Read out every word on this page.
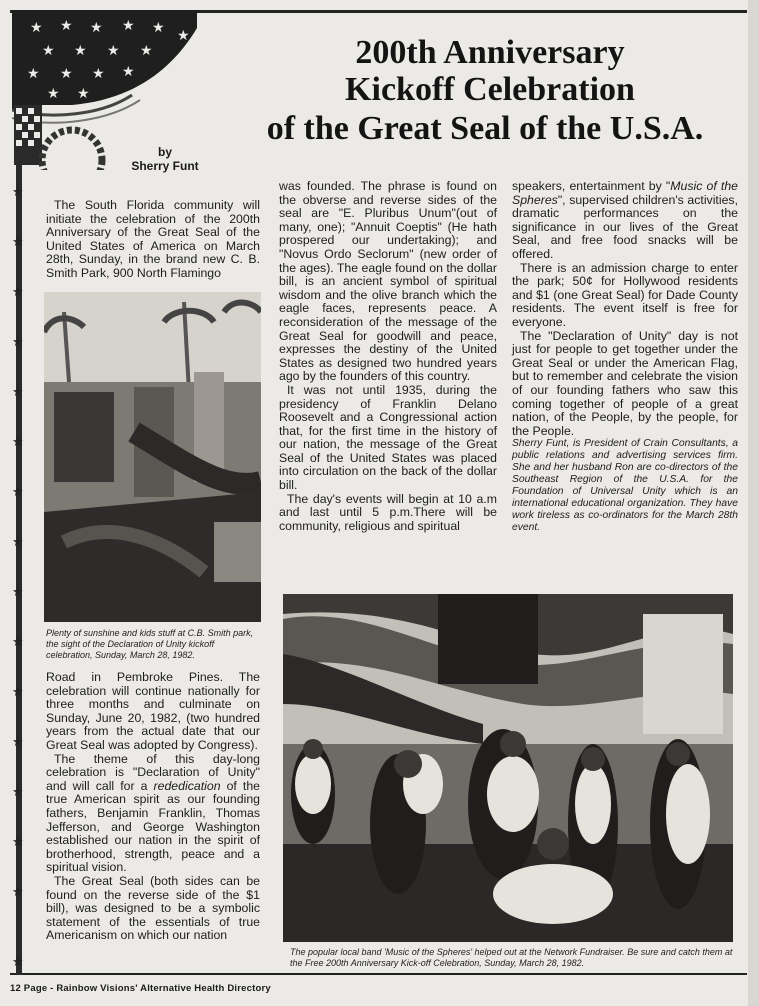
★
★
★
★
★
★
★
★
★
★
★
★
★
★
★
★
★ ★ ★ ★ ★ ★
★ ★ ★ ★
★ ★ ★ ★
★ ★
200th Anniversary
Kickoff Celebration
of the Great Seal of the U.S.A.
by
Sherry Funt

The South Florida community will initiate the celebration of the 200th Anniversary of the Great Seal of the United States of America on March 28th, Sunday, in the brand new C. B. Smith Park, 900 North Flamingo

Plenty of sunshine and kids stuff at C.B. Smith park, the sight of the Declaration of Unity kickoff celebration, Sunday, March 28, 1982.

Road in Pembroke Pines. The celebration will continue nationally for three months and culminate on Sunday, June 20, 1982, (two hundred years from the actual date that our Great Seal was adopted by Congress).

The theme of this day-long celebration is "Declaration of Unity" and will call for a rededication of the true American spirit as our founding fathers, Benjamin Franklin, Thomas Jefferson, and George Washington established our nation in the spirit of brotherhood, strength, peace and a spiritual vision.

The Great Seal (both sides can be found on the reverse side of the $1 bill), was designed to be a symbolic statement of the essentials of true Americanism on which our nation

was founded. The phrase is found on the obverse and reverse sides of the seal are "E. Pluribus Unum"(out of many, one); "Annuit Coeptis" (He hath prospered our undertaking); and "Novus Ordo Seclorum" (new order of the ages). The eagle found on the dollar bill, is an ancient symbol of spiritual wisdom and the olive branch which the eagle faces, represents peace. A reconsideration of the message of the Great Seal for goodwill and peace, expresses the destiny of the United States as designed two hundred years ago by the founders of this country.

It was not until 1935, during the presidency of Franklin Delano Roosevelt and a Congressional action that, for the first time in the history of our nation, the message of the Great Seal of the United States was placed into circulation on the back of the dollar bill.

The day's events will begin at 10 a.m and last until 5 p.m.There will be community, religious and spiritual

speakers, entertainment by "Music of the Spheres", supervised children's activities, dramatic performances on the significance in our lives of the Great Seal, and free food snacks will be offered.

There is an admission charge to enter the park; 50¢ for Hollywood residents and $1 (one Great Seal) for Dade County residents. The event itself is free for everyone.

The "Declaration of Unity" day is not just for people to get together under the Great Seal or under the American Flag, but to remember and celebrate the vision of our founding fathers who saw this coming together of people of a great nation, of the People, by the people, for the People.

Sherry Funt, is President of Crain Consultants, a public relations and advertising services firm. She and her husband Ron are co-directors of the Southeast Region of the U.S.A. for the Foundation of Universal Unity which is an international educational organization. They have work tireless as co-ordinators for the March 28th event.

The popular local band 'Music of the Spheres' helped out at the Network Fundraiser. Be sure and catch them at the Free 200th Anniversary Kick-off Celebration, Sunday, March 28, 1982.
12 Page - Rainbow Visions' Alternative Health Directory
